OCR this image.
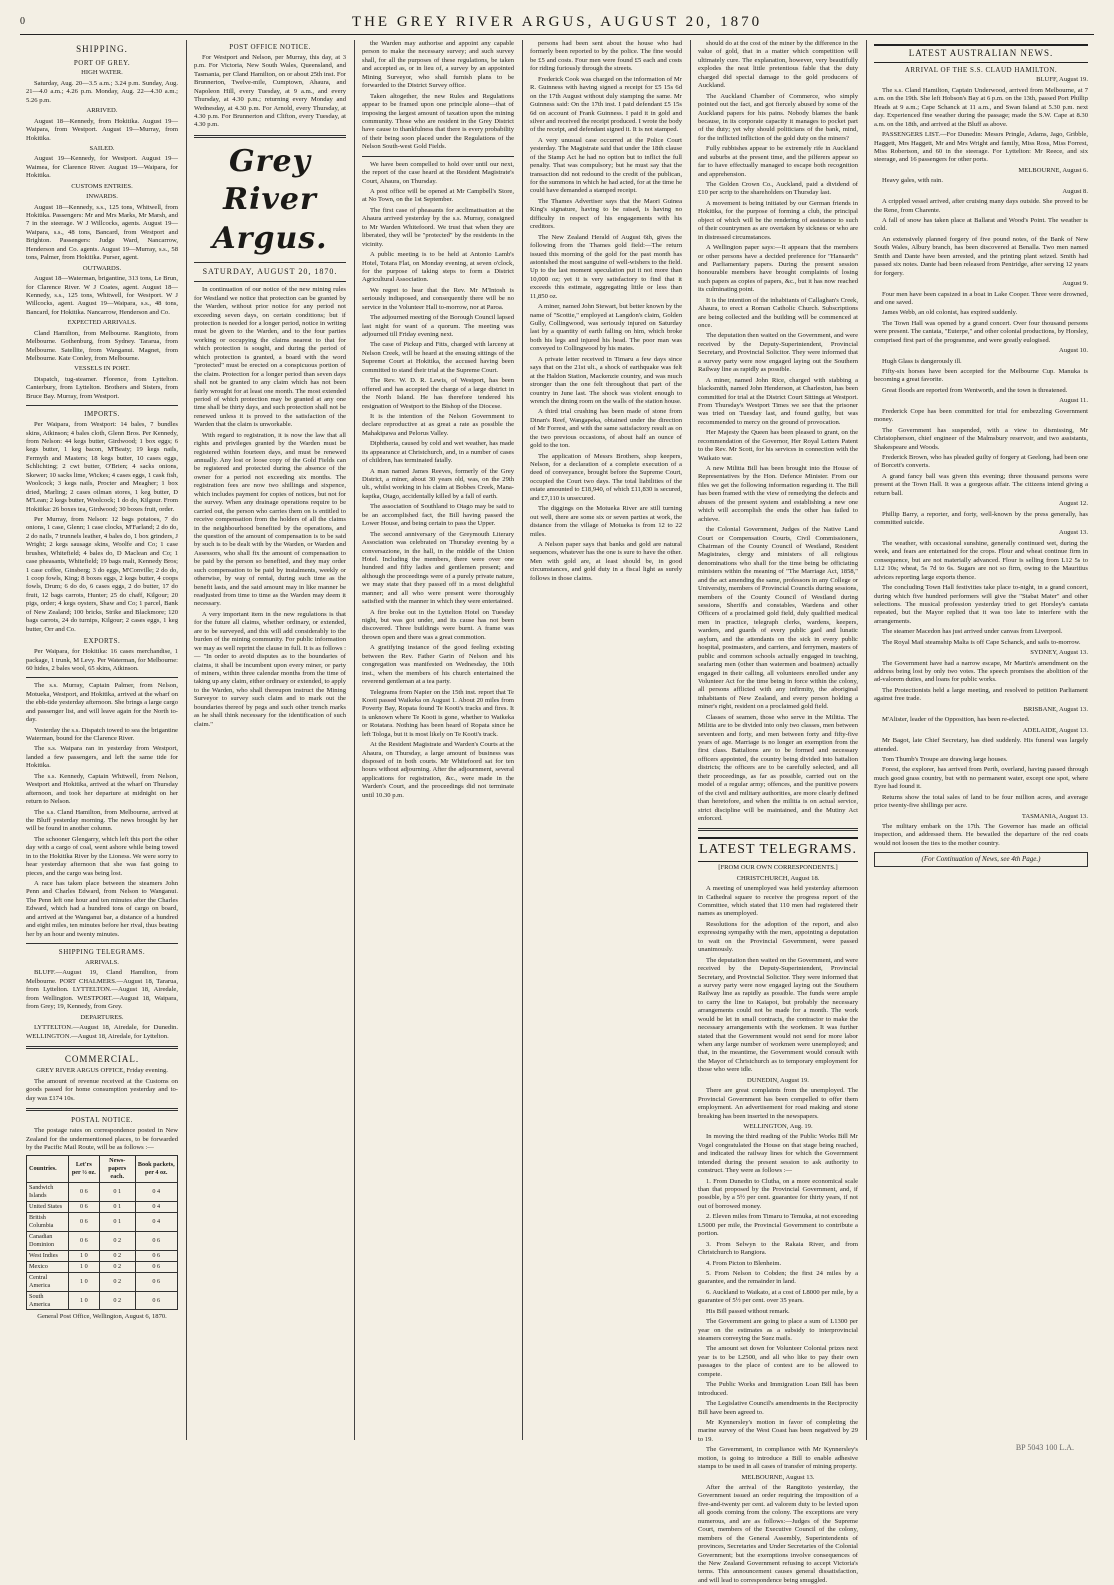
0	THE GREY RIVER ARGUS, AUGUST 20, 1870
SHIPPING.
PORT OF GREY.
HIGH WATER.

Saturday, Aug. 20—3.5 a.m.; 3.24 p.m. Sunday, Aug. 21—4.0 a.m.; 4.26 p.m. Monday, Aug. 22—4.30 a.m.; 5.26 p.m.

ARRIVED.

August 18—Kennedy, from Hokitika. August 19—Waipara, from Westport. August 19—Murray, from Hokitika.

SAILED.

August 19—Kennedy, for Westport. August 19—Waimea, for Clarence River. August 19—Waipara, for Hokitika.

CUSTOMS ENTRIES.
INWARDS.

August 18—Kennedy, s.s., 125 tons, Whitwell, from Hokitika. Passengers: Mr and Mrs Marks, Mr Marsh, and 7 in the steerage. W J Willcocks, agents. August 19—Waipara, s.s., 48 tons, Bancard, from Westport and Brighton. Passengers: Judge Ward, Nancarrow, Henderson and Co. agents. August 19—Murray, s.s., 58 tons, Palmer, from Hokitika. Purser, agent.

OUTWARDS.

August 18—Waterman, brigantine, 313 tons, Le Brun, for Clarence River. W J Coates, agent. August 18—Kennedy, s.s., 125 tons, Whitwell, for Westport. W J Willcocks, agent. August 19—Waipara, s.s., 48 tons, Bancard, for Hokitika. Nancarrow, Henderson and Co.

EXPECTED ARRIVALS.

Cland Hamilton, from Melbourne. Rangitoto, from Melbourne. Gothenburg, from Sydney. Tararua, from Melbourne. Satellite, from Wanganui. Magnet, from Melbourne. Kate Conley, from Melbourne.

VESSELS IN PORT.

Dispatch, tug-steamer. Florence, from Lyttelton. Canterbury, from Lyttelton. Brothers and Sisters, from Bruce Bay. Murray, from Westport.

IMPORTS.

Per Waipara, from Westport: 14 bales, 7 bundles skins, Atkinson; 4 bales cloth, Glenn Bros. Per Kennedy, from Nelson: 44 kegs butter, Girdwood; 1 box eggs; 6 kegs butter, 1 keg bacon, M'Beaty; 19 kegs nails, Fermyth and Masters; 18 kegs butter, 10 cases eggs, Schlichting; 2 cwt butter, O'Brien; 4 sacks onions, Skewer; 10 sacks lime, Wickes; 4 cases eggs, 1 cask fish, Woolcock; 3 kegs nails, Procter and Meagher; 1 box dried, Marling; 2 cases oilman stores, 1 keg butter, D M'Lean; 2 kegs butter, Woolcock; 1 do do, Kilgour. From Hokitika: 26 boxes tea, Girdwood; 30 boxes fruit, order.

Per Murray, from Nelson: 12 bags potatoes, 7 do onions, 1 case, Glenn; 1 case clocks, M'Farland; 2 do do, 2 do nails, 7 trunnels leather, 4 bales do, 1 box grinders, J Wright; 2 kegs sausage skins, Woolfe and Co; 1 case brushes, Whitefield; 4 bales do, D Maclean and Co; 1 case pheasants, Whitefield; 19 bags malt, Kennedy Bros; 1 case coffee, Ginsberg; 3 do eggs, M'Conville; 2 do do, 1 coop fowls, King; 8 boxes eggs, 2 kegs butter, 4 coops fowls, Drum; 6 do do, 6 cases eggs, 2 do butter, 17 do fruit, 12 bags carrots, Hunter; 25 do chaff, Kilgour; 20 pigs, order; 4 kegs oysters, Shaw and Co; 1 parcel, Bank of New Zealand; 100 bricks, Strike and Blackmore; 120 bags carrots, 24 do turnips, Kilgour; 2 cases eggs, 1 keg butter, Orr and Co.

EXPORTS.

Per Waipara, for Hokitika: 16 cases merchandise, 1 package, 1 trunk, M Levy. Per Waterman, for Melbourne: 60 hides, 2 bales wool, 65 skins, Atkinson.

The s.s. Murray, Captain Palmer, from Nelson, Motueka, Westport, and Hokitika, arrived at the wharf on the ebb-tide yesterday afternoon. She brings a large cargo and passenger list, and will leave again for the North to-day.

Yesterday the s.s. Dispatch towed to sea the brigantine Waterman, bound for the Clarence River.

The s.s. Waipara ran in yesterday from Westport, landed a few passengers, and left the same tide for Hokitika.

The s.s. Kennedy, Captain Whitwell, from Nelson, Westport and Hokitika, arrived at the wharf on Thursday afternoon, and took her departure at midnight on her return to Nelson.

The s.s. Cland Hamilton, from Melbourne, arrived at the Bluff yesterday morning. The news brought by her will be found in another column.

The schooner Glengarry, which left this port the other day with a cargo of coal, went ashore while being towed in to the Hokitika River by the Lioness. We were sorry to hear yesterday afternoon that she was fast going to pieces, and the cargo was being lost.

A race has taken place between the steamers John Penn and Charles Edward, from Nelson to Wanganui. The Penn left one hour and ten minutes after the Charles Edward, which had a hundred tons of cargo on board, and arrived at the Wanganui bar, a distance of a hundred and eight miles, ten minutes before her rival, thus beating her by an hour and twenty minutes.

SHIPPING TELEGRAMS.
ARRIVALS.

BLUFF.—August 19, Cland Hamilton, from Melbourne. PORT CHALMERS.—August 18, Tararua, from Lyttelton. LYTTELTON.—August 18, Airedale, from Wellington. WESTPORT.—August 18, Waipara, from Grey; 19, Kennedy, from Grey.

DEPARTURES.

LYTTELTON.—August 18, Airedale, for Dunedin. WELLINGTON.—August 18, Airedale, for Lyttelton.

COMMERCIAL.
GREY RIVER ARGUS OFFICE, Friday evening.

The amount of revenue received at the Customs on goods passed for home consumption yesterday and to-day was £174 10s.

POSTAL NOTICE.

The postage rates on correspondence posted in New Zealand for the undermentioned places, to be forwarded by the Pacific Mail Route, will be as follows :—

Countries.	Let'rs per ½ oz.	News-papers each.	Book packets, per 4 oz.
Sandwich Islands	0 6	0 1	0 4
United States	0 6	0 1	0 4
British Columbia	0 6	0 1	0 4
Canadian Dominion	0 6	0 2	0 6
West Indies	1 0	0 2	0 6
Mexico	1 0	0 2	0 6
Central America	1 0	0 2	0 6
South America	1 0	0 2	0 6
General Post Office, Wellington, August 6, 1870.
POST OFFICE NOTICE.

For Westport and Nelson, per Murray, this day, at 3 p.m. For Victoria, New South Wales, Queensland, and Tasmania, per Cland Hamilton, on or about 25th inst. For Brunnerton, Twelve-mile, Cumptown, Ahaura, and Napoleon Hill, every Tuesday, at 9 a.m., and every Thursday, at 4.30 p.m.; returning every Monday and Wednesday, at 4.30 p.m. For Arnold, every Thursday, at 4.30 p.m. For Brunnerton and Clifton, every Tuesday, at 4.30 p.m.

Grey River Argus.
SATURDAY, AUGUST 20, 1870.

In continuation of our notice of the new mining rules for Westland we notice that protection can be granted by the Warden, without prior notice for any period not exceeding seven days, on certain conditions; but if protection is needed for a longer period, notice in writing must be given to the Warden, and to the four parties working or occupying the claims nearest to that for which protection is sought, and during the period of which protection is granted, a board with the word "protected" must be erected on a conspicuous portion of the claim. Protection for a longer period than seven days shall not be granted to any claim which has not been fairly wrought for at least one month. The most extended period of which protection may be granted at any one time shall be thirty days, and such protection shall not be renewed unless it is proved to the satisfaction of the Warden that the claim is unworkable.

With regard to registration, it is now the law that all rights and privileges granted by the Warden must be registered within fourteen days, and must be renewed annually. Any lost or loose copy of the Gold Fields can be registered and protected during the absence of the owner for a period not exceeding six months. The registration fees are now two shillings and sixpence, which includes payment for copies of notices, but not for the survey. When any drainage operations require to be carried out, the person who carries them on is entitled to receive compensation from the holders of all the claims in the neighbourhood benefited by the operations, and the question of the amount of compensation is to be said by such is to be dealt with by the Warden, or Warden and Assessors, who shall fix the amount of compensation to be paid by the person so benefited, and they may order such compensation to be paid by instalments, weekly or otherwise, by way of rental, during such time as the benefit lasts, and the said amount may in like manner be readjusted from time to time as the Warden may deem it necessary.

A very important item in the new regulations is that for the future all claims, whether ordinary, or extended, are to be surveyed, and this will add considerably to the burden of the mining community. For public information we may as well reprint the clause in full. It is as follows :— "In order to avoid disputes as to the boundaries of claims, it shall be incumbent upon every miner, or party of miners, within three calendar months from the time of taking up any claim, either ordinary or extended, to apply to the Warden, who shall thereupon instruct the Mining Surveyor to survey such claim and to mark out the boundaries thereof by pegs and such other trench marks as he shall think necessary for the identification of such claim."

the Warden may authorise and appoint any capable person to make the necessary survey; and such survey shall, for all the purposes of these regulations, be taken and accepted as, or in lieu of, a survey by an appointed Mining Surveyor, who shall furnish plans to be forwarded to the District Survey office.

Taken altogether, the new Rules and Regulations appear to be framed upon one principle alone—that of imposing the largest amount of taxation upon the mining community. Those who are resident in the Grey District have cause to thankfulness that there is every probability of their being soon placed under the Regulations of the Nelson South-west Gold Fields.

We have been compelled to hold over until our next, the report of the case heard at the Resident Magistrate's Court, Ahaura, on Thursday.

A post office will be opened at Mr Campbell's Store, at No Town, on the 1st September.

The first case of pheasants for acclimatisation at the Ahaura arrived yesterday by the s.s. Murray, consigned to Mr Warden Whitefoord. We trust that when they are liberated, they will be "protected" by the residents in the vicinity.

A public meeting is to be held at Antonio Lamb's Hotel, Totara Flat, on Monday evening, at seven o'clock, for the purpose of taking steps to form a District Agricultural Association.

We regret to hear that the Rev. Mr M'Intosh is seriously indisposed, and consequently there will be no service in the Volunteer Hall to-morrow, nor at Paroa.

The adjourned meeting of the Borough Council lapsed last night for want of a quorum. The meeting was adjourned till Friday evening next.

The case of Pickup and Fitts, charged with larceny at Nelson Creek, will be heard at the ensuing sittings of the Supreme Court at Hokitika, the accused having been committed to stand their trial at the Supreme Court.

The Rev. W. D. R. Lewis, of Westport, has been offered and has accepted the charge of a large district in the North Island. He has therefore tendered his resignation of Westport to the Bishop of the Diocese.

It is the intention of the Nelson Government to declare reproductive at as great a rate as possible the Mahakipawa and Pelorus Valley.

Diphtheria, caused by cold and wet weather, has made its appearance at Christchurch, and, in a number of cases of children, has terminated fatally.

A man named James Reeves, formerly of the Grey District, a miner, about 30 years old, was, on the 29th ult., whilst working in his claim at Bobbes Creek, Mana-kapika, Otago, accidentally killed by a fall of earth.

The association of Southland to Otago may be said to be an accomplished fact, the Bill having passed the Lower House, and being certain to pass the Upper.

The second anniversary of the Greymouth Literary Association was celebrated on Thursday evening by a conversazione, in the hall, in the middle of the Union Hotel. Including the members, there were over one hundred and fifty ladies and gentlemen present; and although the proceedings were of a purely private nature, we may state that they passed off in a most delightful manner; and all who were present were thoroughly satisfied with the manner in which they were entertained.

A fire broke out in the Lyttelton Hotel on Tuesday night, but was got under, and its cause has not been discovered. Three buildings were burnt. A frame was thrown open and there was a great commotion.

A gratifying instance of the good feeling existing between the Rev. Father Garin of Nelson and his congregation was manifested on Wednesday, the 10th inst., when the members of his church entertained the reverend gentleman at a tea party.

Telegrams from Napier on the 15th inst. report that Te Kooti passed Waikeka on August 1. About 20 miles from Poverty Bay, Ropata found Te Kooti's tracks and fires. It is unknown where Te Kooti is gone, whether to Waikeka or Rotatara. Nothing has been heard of Ropata since he left Tologa, but it is most likely on Te Kooti's track.

At the Resident Magistrate and Warden's Courts at the Ahaura, on Thursday, a large amount of business was disposed of in both courts. Mr Whitefoord sat for ten hours without adjourning. After the adjournment, several applications for registration, &c., were made in the Warden's Court, and the proceedings did not terminate until 10.30 p.m.

persons had been sent about the house who had formerly been reported to by the police. The fine would be £5 and costs. Four men were found £5 each and costs for riding furiously through the streets.

Frederick Cook was charged on the information of Mr R. Guinness with having signed a receipt for £5 15s 6d on the 17th August without duly stamping the same. Mr Guinness said: On the 17th inst. I paid defendant £5 15s 6d on account of Frank Guinness. I paid it in gold and silver and received the receipt produced. I wrote the body of the receipt, and defendant signed it. It is not stamped.

A very unusual case occurred at the Police Court yesterday. The Magistrate said that under the 18th clause of the Stamp Act he had no option but to inflict the full penalty. That was compulsory; but he must say that the transaction did not redound to the credit of the publican, for the summons in which he had acted, for at the time he could have demanded a stamped receipt.

The Thames Advertiser says that the Maori Guinea King's signature, having to be raised, is having no difficulty in respect of his engagements with his creditors.

The New Zealand Herald of August 6th, gives the following from the Thames gold field:—The return issued this morning of the gold for the past month has astonished the most sanguine of well-wishers to the field. Up to the last moment speculation put it not more than 10,000 oz; yet it is very satisfactory to find that it exceeds this estimate, aggregating little or less than 11,850 oz.

A miner, named John Stewart, but better known by the name of "Scottie," employed at Langdon's claim, Golden Gully, Collingwood, was seriously injured on Saturday last by a quantity of earth falling on him, which broke both his legs and injured his head. The poor man was conveyed to Collingwood by his mates.

A private letter received in Timaru a few days since says that on the 21st ult., a shock of earthquake was felt at the Haldon Station, Mackenzie country, and was much stronger than the one felt throughout that part of the country in June last. The shock was violent enough to wrench the dining room on the walls of the station house.

A third trial crushing has been made of stone from Dinan's Reef, Wangapeka, obtained under the direction of Mr Forrest, and with the same satisfactory result as on the two previous occasions, of about half an ounce of gold to the ton.

The application of Messrs Brothers, shop keepers, Nelson, for a declaration of a complete execution of a deed of conveyance, brought before the Supreme Court, occupied the Court two days. The total liabilities of the estate amounted to £18,940, of which £11,830 is secured, and £7,110 is unsecured.

The diggings on the Motueka River are still turning out well, there are some six or seven parties at work, the distance from the village of Motueka is from 12 to 22 miles.

A Nelson paper says that banks and gold are natural sequences, whatever has the one is sure to have the other. Men with gold are, at least should be, in good circumstances, and gold duty in a fiscal light as surely follows in those claims.

should do at the cost of the miner by the difference in the value of gold, that in a matter which competition will ultimately cure. The explanation, however, very beautifully explodes the neat little pretentious fable that the duty charged did special damage to the gold producers of Auckland.

The Auckland Chamber of Commerce, who simply pointed out the fact, and got fiercely abused by some of the Auckland papers for his pains. Nobody blames the bank because, in its corporate capacity it manages to pocket part of the duty; yet why should politicians of the bank, mind, for the inflicted infliction of the gold duty on the miners?

Fully rubbishes appear to be extremely rife in Auckland and suburbs at the present time, and the pilferers appear so far to have effectually managed to escape both recognition and apprehension.

The Golden Crown Co., Auckland, paid a dividend of £10 per scrip to the shareholders on Thursday last.

A movement is being initiated by our German friends in Hokitika, for the purpose of forming a club, the principal object of which will be the rendering of assistance to such of their countrymen as are overtaken by sickness or who are in distressed circumstances.

A Wellington paper says:—It appears that the members or other persons have a decided preference for "Hansards" and Parliamentary papers. During the present session honourable members have brought complaints of losing such papers as copies of papers, &c., but it has now reached its culminating point.

It is the intention of the inhabitants of Callaghan's Creek, Ahaura, to erect a Roman Catholic Church. Subscriptions are being collected and the building will be commenced at once.

The deputation then waited on the Government, and were received by the Deputy-Superintendent, Provincial Secretary, and Provincial Solicitor. They were informed that a survey party were now engaged laying out the Southern Railway line as rapidly as possible.

A miner, named John Rice, charged with stabbing a blacksmith, named John Henderson, at Charleston, has been committed for trial at the District Court Sittings at Westport. From Thursday's Westport Times we see that the prisoner was tried on Tuesday last, and found guilty, but was recommended to mercy on the ground of provocation.

Her Majesty the Queen has been pleased to grant, on the recommendation of the Governor, Her Royal Letters Patent to the Rev. Mr Scott, for his services in connection with the Waikato war.

A new Militia Bill has been brought into the House of Representatives by the Hon. Defence Minister. From our files we get the following information regarding it. The Bill has been framed with the view of remedying the defects and abuses of the present system and establishing a new one which will accomplish the ends the other has failed to achieve.

the Colonial Government, Judges of the Native Land Court or Compensation Courts, Civil Commissioners, Chairman of the County Council of Westland, Resident Magistrates, clergy and ministers of all religious denominations who shall for the time being be officiating ministers within the meaning of "The Marriage Act, 1858," and the act amending the same, professors in any College or University, members of Provincial Councils during sessions, members of the County Council of Westland during sessions, Sheriffs and constables, Wardens and other Officers of a proclaimed gold field, duly qualified medical men in practice, telegraph clerks, wardens, keepers, warders, and guards of every public gaol and lunatic asylum, and the attendants on the sick in every public hospital, postmasters, and carriers, and ferrymen, masters of public and common schools actually engaged in teaching, seafaring men (other than watermen and boatmen) actually engaged in their calling, all volunteers enrolled under any Volunteer Act for the time being in force within the colony, all persons afflicted with any infirmity, the aboriginal inhabitants of New Zealand, and every person holding a miner's right, resident on a proclaimed gold field.

Classes of seamen, those who serve in the Militia. The Militia are to be divided into only two classes, men between seventeen and forty, and men between forty and fifty-five years of age. Marriage is no longer an exemption from the first class. Battalions are to be formed and necessary officers appointed, the country being divided into battalion districts; the officers are to be carefully selected, and all their proceedings, as far as possible, carried out on the model of a regular army; offences, and the punitive powers of the civil and military authorities, are more clearly defined than heretofore, and when the militia is on actual service, strict discipline will be maintained, and the Mutiny Act enforced.

LATEST TELEGRAMS.
[FROM OUR OWN CORRESPONDENTS.]
CHRISTCHURCH, August 18.

A meeting of unemployed was held yesterday afternoon in Cathedral square to receive the progress report of the Committee, which stated that 110 men had registered their names as unemployed.

Resolutions for the adoption of the report, and also expressing sympathy with the men, appointing a deputation to wait on the Provincial Government, were passed unanimously.

The deputation then waited on the Government, and were received by the Deputy-Superintendent, Provincial Secretary, and Provincial Solicitor. They were informed that a survey party were now engaged laying out the Southern Railway line as rapidly as possible. The funds were ample to carry the line to Kaiapoi, but probably the necessary arrangements could not be made for a month. The work would be let in small contracts, the contractor to make the necessary arrangements with the workmen. It was further stated that the Government would not send for more labor when any large number of workmen were unemployed; and that, in the meantime, the Government would consult with the Mayor of Christchurch as to temporary employment for those who were idle.

DUNEDIN, August 19.

There are great complaints from the unemployed. The Provincial Government has been compelled to offer them employment. An advertisement for road making and stone breaking has been inserted in the newspapers.

WELLINGTON, Aug. 19.

In moving the third reading of the Public Works Bill Mr Vogel congratulated the House on that stage being reached, and indicated the railway lines for which the Government intended during the present session to ask authority to construct. They were as follows :—

1. From Dunedin to Clutha, on a more economical scale than that proposed by the Provincial Government, and, if possible, by a 5½ per cent. guarantee for thirty years, if not out of borrowed money.

2. Eleven miles from Timaru to Temuka, at not exceeding L5000 per mile, the Provincial Government to contribute a portion.

3. From Selwyn to the Rakaia River, and from Christchurch to Rangiora.

4. From Picton to Blenheim.

5. From Nelson to Cobden; the first 24 miles by a guarantee, and the remainder in land.

6. Auckland to Waikato, at a cost of L8000 per mile, by a guarantee of 5½ per cent. over 35 years.

His Bill passed without remark.

The Government are going to place a sum of L1300 per year on the estimates as a subsidy to interprovincial steamers conveying the Suez mails.

The amount set down for Volunteer Colonial prizes next year is to be L2500, and all who like to pay their own passages to the place of contest are to be allowed to compete.

The Public Works and Immigration Loan Bill has been introduced.

The Legislative Council's amendments in the Reciprocity Bill have been agreed to.

Mr Kynnersley's motion in favor of completing the marine survey of the West Coast has been negatived by 29 to 19.

The Government, in compliance with Mr Kynnersley's motion, is going to introduce a Bill to enable adhesive stamps to be used in all cases of transfer of mining property.

MELBOURNE, August 13.

After the arrival of the Rangitoto yesterday, the Government issued an order requiring the imposition of a five-and-twenty per cent. ad valorem duty to be levied upon all goods coming from the colony. The exceptions are very numerous, and are as follows:—Judges of the Supreme Court, members of the Executive Council of the colony, members of the General Assembly, Superintendents of provinces, Secretaries and Under Secretaries of the Colonial Government; but the exemptions involve consequences of the New Zealand Government refusing to accept Victoria's terms. This announcement causes general dissatisfaction, and will lead to correspondence being smuggled.

LATEST AUSTRALIAN NEWS.
ARRIVAL OF THE S.S. CLAUD HAMILTON.
BLUFF, August 19.

The s.s. Cland Hamilton, Captain Underwood, arrived from Melbourne, at 7 a.m. on the 19th. She left Hobson's Bay at 6 p.m. on the 13th, passed Port Phillip Heads at 9 a.m.; Cape Schanck at 11 a.m., and Swan Island at 5.30 p.m. next day. Experienced fine weather during the passage; made the S.W. Cape at 8.30 a.m. on the 18th, and arrived at the Bluff as above.

PASSENGERS LIST.—For Dunedin: Messrs Pringle, Adams, Jago, Gribble, Haggett, Mrs Haggett, Mr and Mrs Wright and family, Miss Ross, Miss Forrest, Miss Robertson, and 60 in the steerage. For Lyttelton: Mr Reece, and six steerage, and 16 passengers for other ports.

MELBOURNE, August 6.

Heavy gales, with rain.

August 8.

A crippled vessel arrived, after cruising many days outside. She proved to be the Rene, from Charente.

A fall of snow has taken place at Ballarat and Wood's Point. The weather is cold.

An extensively planned forgery of five pound notes, of the Bank of New South Wales, Albury branch, has been discovered at Benalla. Two men named Smith and Dante have been arrested, and the printing plant seized. Smith had passed six notes. Dante had been released from Pentridge, after serving 12 years for forgery.

August 9.

Four men have been capsized in a boat in Lake Cooper. Three were drowned, and one saved.

James Webb, an old colonist, has expired suddenly.

The Town Hall was opened by a grand concert. Over four thousand persons were present. The cantata, "Euterpe," and other colonial productions, by Horsley, comprised first part of the programme, and were greatly eulogised.

August 10.

Hugh Glass is dangerously ill.

Fifty-six horses have been accepted for the Melbourne Cup. Manuka is becoming a great favorite.

Great floods are reported from Wentworth, and the town is threatened.

August 11.

Frederick Cope has been committed for trial for embezzling Government money.

The Government has suspended, with a view to dismissing, Mr Christopherson, chief engineer of the Malmsbury reservoir, and two assistants, Shakespeare and Woods.

Frederick Brown, who has pleaded guilty of forgery at Geelong, had been one of Borcett's converts.

A grand fancy ball was given this evening; three thousand persons were present at the Town Hall. It was a gorgeous affair. The citizens intend giving a return ball.

August 12.

Phillip Barry, a reporter, and forty, well-known by the press generally, has committed suicide.

August 13.

The weather, with occasional sunshine, generally continued wet, during the week, and fears are entertained for the crops. Flour and wheat continue firm in consequence, but are not materially advanced. Flour is selling from L12 5s to L12 10s; wheat, 5s 7d to 6s. Sugars are not so firm, owing to the Mauritius advices reporting large exports thence.

The concluding Town Hall festivities take place to-night, in a grand concert, during which five hundred performers will give the "Stabat Mater" and other selections. The musical profession yesterday tried to get Horsley's cantata repeated, but the Mayor replied that it was too late to interfere with the arrangements.

The steamer Macedon has just arrived under canvas from Liverpool.

The Royal Mail steamship Malta is off Cape Schanck, and sails to-morrow.

SYDNEY, August 13.

The Government have had a narrow escape, Mr Martin's amendment on the address being lost by only two votes. The speech promises the abolition of the ad-valorem duties, and loans for public works.

The Protectionists held a large meeting, and resolved to petition Parliament against free trade.

BRISBANE, August 13.

M'Alister, leader of the Opposition, has been re-elected.

ADELAIDE, August 13.

Mr Bagot, late Chief Secretary, has died suddenly. His funeral was largely attended.

Tom Thumb's Troupe are drawing large houses.

Forest, the explorer, has arrived from Perth, overland, having passed through much good grass country, but with no permanent water, except one spot, where Eyre had found it.

Returns show the total sales of land to be four million acres, and average price twenty-five shillings per acre.

TASMANIA, August 13.

The military embark on the 17th. The Governor has made an official inspection, and addressed them. He bewailed the departure of the red coats would not loosen the ties to the mother country.

(For Continuation of News, see 4th Page.)
BP 5043 100 L.A.
